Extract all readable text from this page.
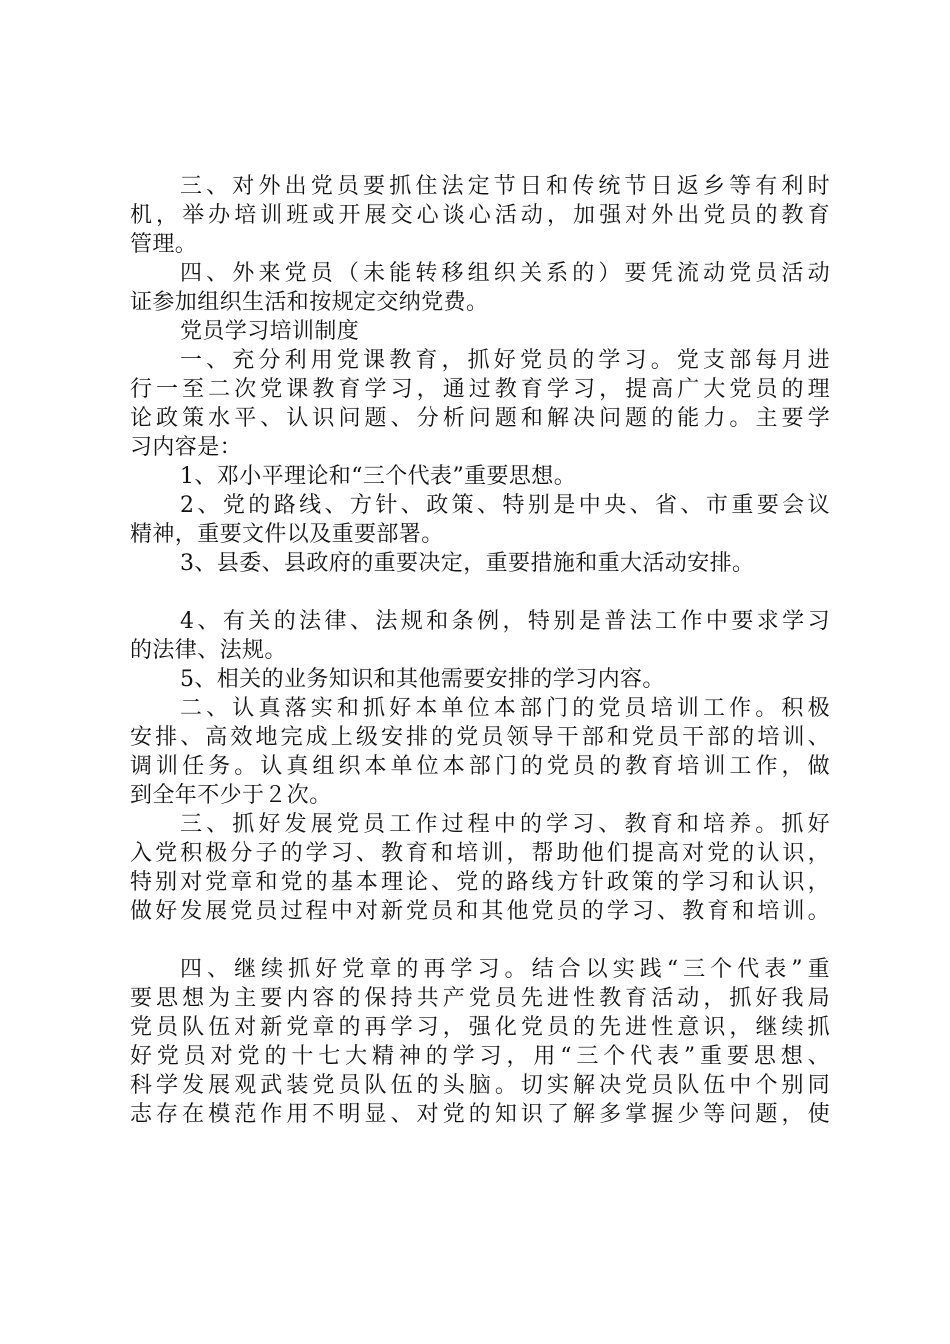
三、对外出党员要抓住法定节日和传统节日返乡等有利时
机，举办培训班或开展交心谈心活动，加强对外出党员的教育
管理。
四、外来党员（未能转移组织关系的）要凭流动党员活动
证参加组织生活和按规定交纳党费。
党员学习培训制度
一、充分利用党课教育，抓好党员的学习。党支部每月进
行一至二次党课教育学习，通过教育学习，提高广大党员的理
论政策水平、认识问题、分析问题和解决问题的能力。主要学
习内容是：
1、邓小平理论和“三个代表”重要思想。
2、党的路线、方针、政策、特别是中央、省、市重要会议
精神，重要文件以及重要部署。
3、县委、县政府的重要决定，重要措施和重大活动安排。
4、有关的法律、法规和条例，特别是普法工作中要求学习
的法律、法规。
5、相关的业务知识和其他需要安排的学习内容。
二、认真落实和抓好本单位本部门的党员培训工作。积极
安排、高效地完成上级安排的党员领导干部和党员干部的培训、
调训任务。认真组织本单位本部门的党员的教育培训工作，做
到全年不少于２次。
三、抓好发展党员工作过程中的学习、教育和培养。抓好
入党积极分子的学习、教育和培训，帮助他们提高对党的认识，
特别对党章和党的基本理论、党的路线方针政策的学习和认识，
做好发展党员过程中对新党员和其他党员的学习、教育和培训。
四、继续抓好党章的再学习。结合以实践“三个代表”重
要思想为主要内容的保持共产党员先进性教育活动，抓好我局
党员队伍对新党章的再学习，强化党员的先进性意识，继续抓
好党员对党的十七大精神的学习，用“三个代表”重要思想、
科学发展观武装党员队伍的头脑。切实解决党员队伍中个别同
志存在模范作用不明显、对党的知识了解多掌握少等问题，使
